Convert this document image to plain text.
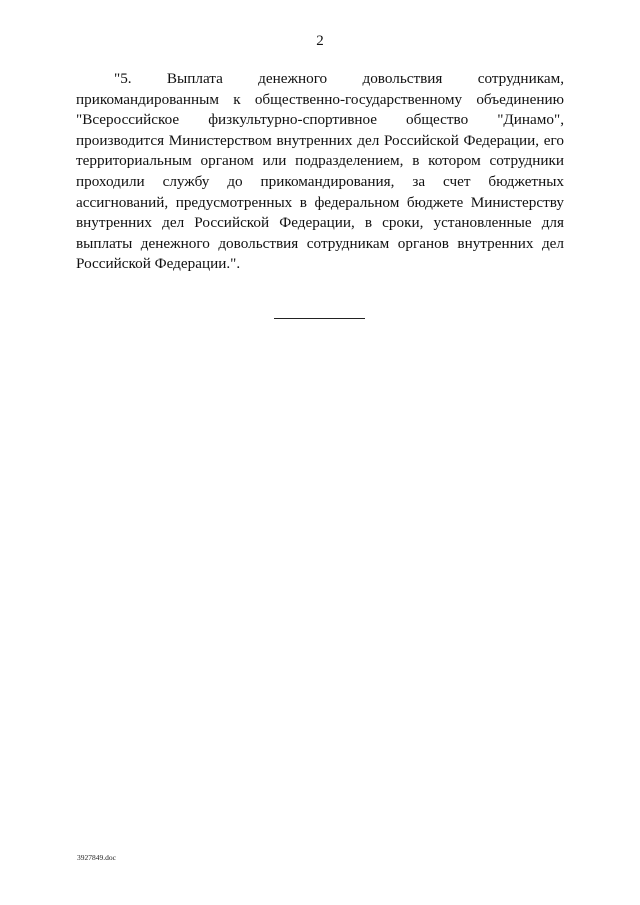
2

"5. Выплата денежного довольствия сотрудникам, прикомандированным к общественно-государственному объединению "Всероссийское физкультурно-спортивное общество "Динамо", производится Министерством внутренних дел Российской Федерации, его территориальным органом или подразделением, в котором сотрудники проходили службу до прикомандирования, за счет бюджетных ассигнований, предусмотренных в федеральном бюджете Министерству внутренних дел Российской Федерации, в сроки, установленные для выплаты денежного довольствия сотрудникам органов внутренних дел Российской Федерации.".

3927849.doc
